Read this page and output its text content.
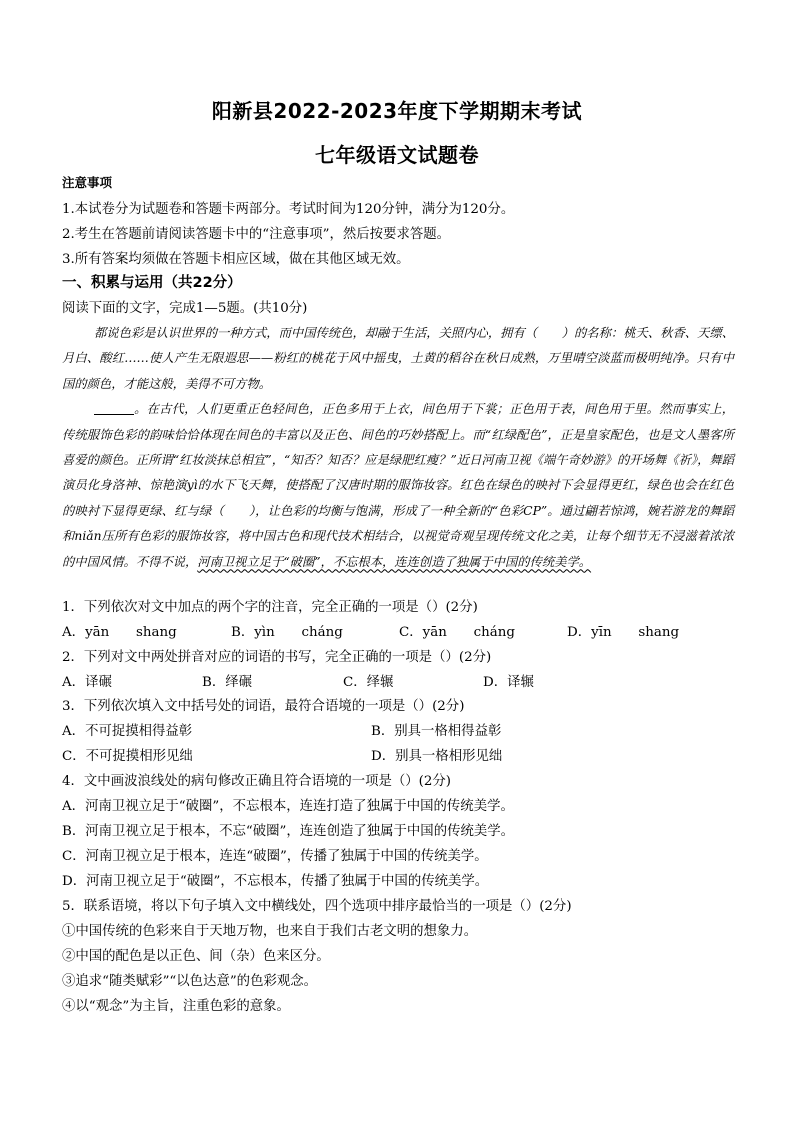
阳新县2022-2023年度下学期期末考试
七年级语文试题卷
注意事项
1.本试卷分为试题卷和答题卡两部分。考试时间为120分钟，满分为120分。
2.考生在答题前请阅读答题卡中的“注意事项”，然后按要求答题。
3.所有答案均须做在答题卡相应区域，做在其他区域无效。
一、积累与运用（共22分）
阅读下面的文字，完成1—5题。(共10分)

都说色彩是认识世界的一种方式，而中国传统色，却融于生活，关照内心，拥有（　　）的名称：桃夭、秋香、天缥、月白、酸红……使人产生无限遐思——粉红的桃花于风中摇曳，土黄的稻谷在秋日成熟，万里晴空淡蓝而极明纯净。只有中国的颜色，才能这般，美得不可方物。

。在古代，人们更重正色轻间色，正色多用于上衣，间色用于下裳；正色用于表，间色用于里。然而事实上，传统服饰色彩的韵味恰恰体现在间色的丰富以及正色、间色的巧妙搭配上。而“红绿配色”，正是皇家配色，也是文人墨客所喜爱的颜色。正所谓“红妆淡抹总相宜”，“知否？知否？应是绿肥红瘦？”近日河南卫视《端午奇妙游》的开场舞《祈》，舞蹈演员化身洛神、惊艳演yì的水下飞天舞，使搭配了汉唐时期的服饰妆容。红色在绿色的映衬下会显得更红，绿色也会在红色的映衬下显得更绿、红与绿（　　），让色彩的均衡与饱满，形成了一种全新的“色彩CP”。通过翩若惊鸿，婉若游龙的舞蹈和niǎn压所有色彩的服饰妆容，将中国古色和现代技术相结合，以视觉奇观呈现传统文化之美，让每个细节无不浸滋着浓浓的中国风情。不得不说，河南卫视立足于“破圈”，不忘根本，连连创造了独属于中国的传统美学。

1．下列依次对文中加点的两个字的注音，完全正确的一项是（）(2分)
A．yān　　shang	B．yìn　　cháng	C．yān　　cháng	D．yīn　　shang
2．下列对文中两处拼音对应的词语的书写，完全正确的一项是（）(2分)
A．译碾	B．绎碾	C．绎辗	D．译辗
3．下列依次填入文中括号处的词语，最符合语境的一项是（）(2分)
A．不可捉摸相得益彰	B．别具一格相得益彰
C．不可捉摸相形见绌	D．别具一格相形见绌
4．文中画波浪线处的病句修改正确且符合语境的一项是（）(2分)
A．河南卫视立足于“破圈”，不忘根本，连连打造了独属于中国的传统美学。
B．河南卫视立足于根本，不忘“破圈”，连连创造了独属于中国的传统美学。
C．河南卫视立足于根本，连连“破圈”，传播了独属于中国的传统美学。
D．河南卫视立足于“破圈”，不忘根本，传播了独属于中国的传统美学。
5．联系语境，将以下句子填入文中横线处，四个选项中排序最恰当的一项是（）(2分)
①中国传统的色彩来自于天地万物，也来自于我们古老文明的想象力。
②中国的配色是以正色、间（杂）色来区分。
③追求“随类赋彩”“以色达意”的色彩观念。
④以“观念”为主旨，注重色彩的意象。
